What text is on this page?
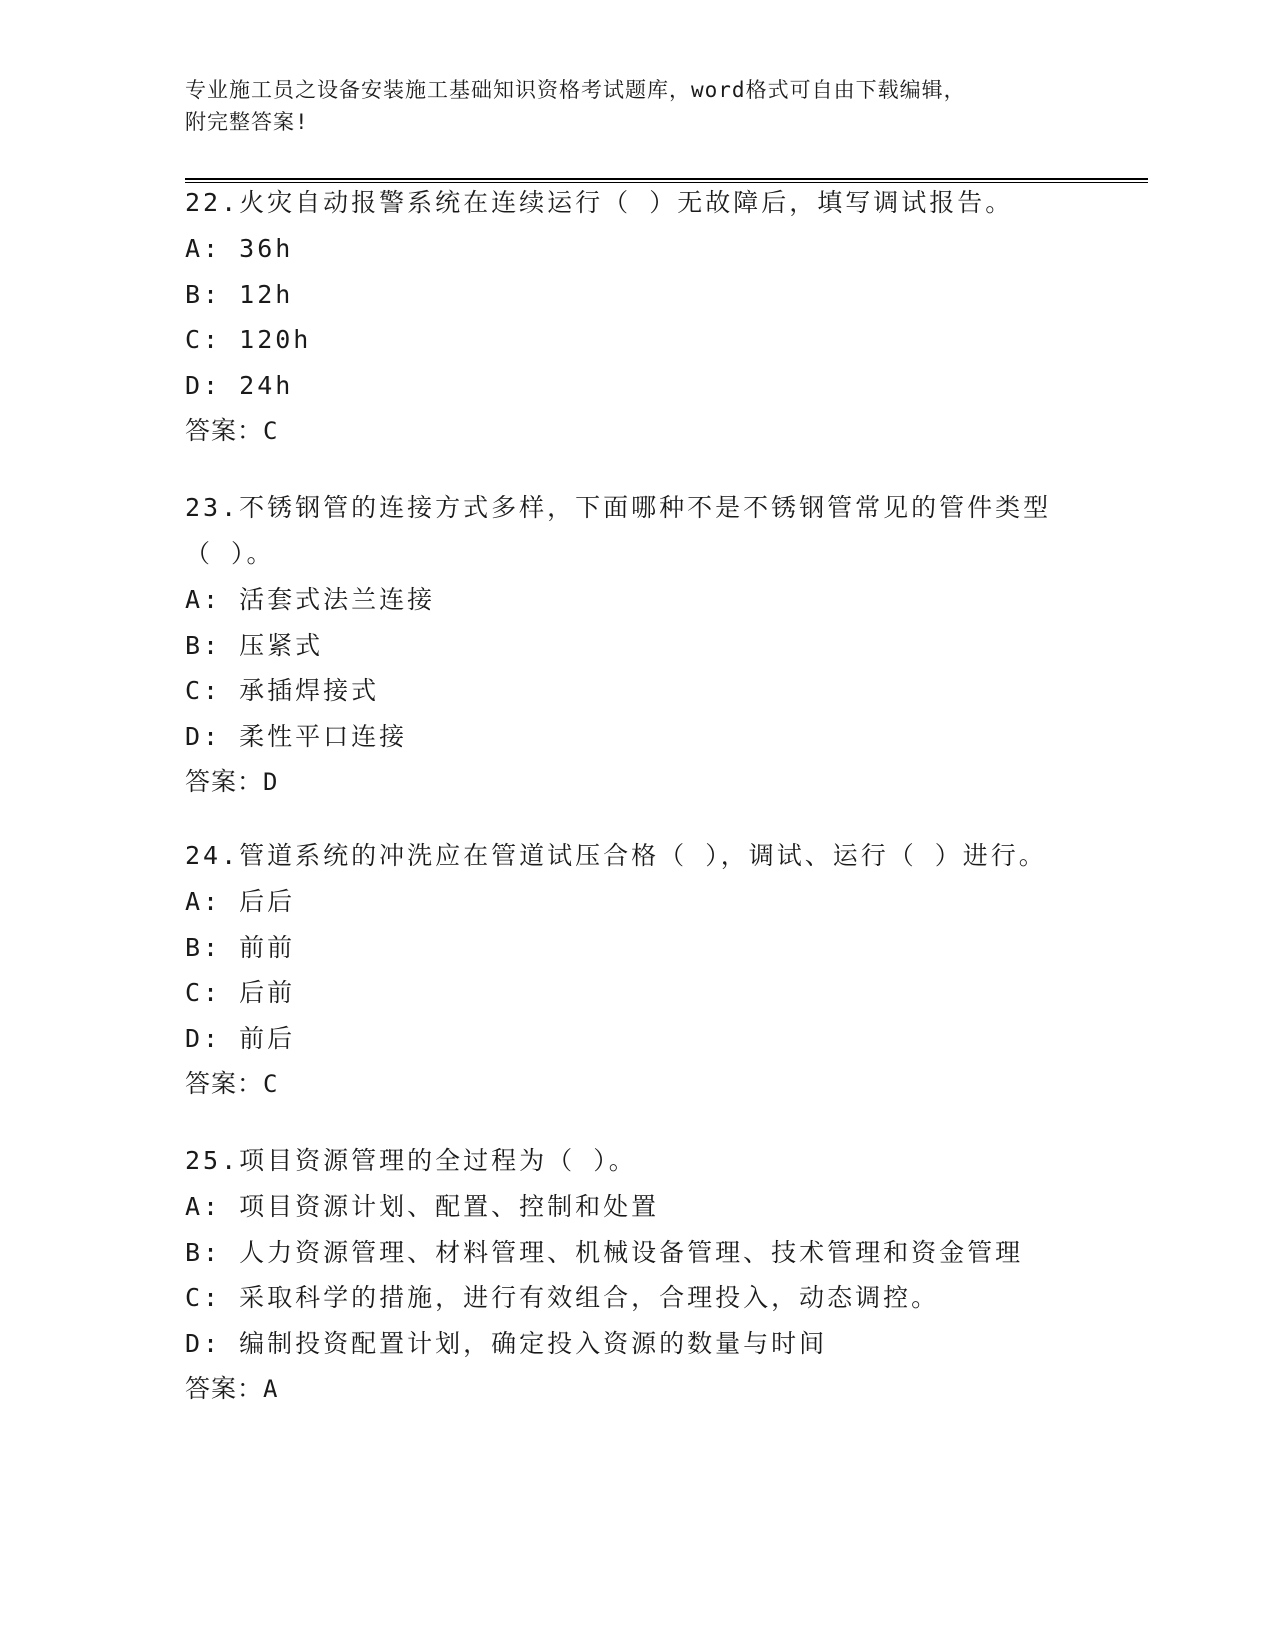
专业施工员之设备安装施工基础知识资格考试题库，word格式可自由下载编辑，
附完整答案!

22.火灾自动报警系统在连续运行（ ）无故障后，填写调试报告。

A: 36h

B: 12h

C: 120h

D: 24h

答案：C

23.不锈钢管的连接方式多样，下面哪种不是不锈钢管常见的管件类型（ ）。

A: 活套式法兰连接

B: 压紧式

C: 承插焊接式

D: 柔性平口连接

答案：D

24.管道系统的冲洗应在管道试压合格（ ），调试、运行（ ）进行。

A: 后后

B: 前前

C: 后前

D: 前后

答案：C

25.项目资源管理的全过程为（ ）。

A: 项目资源计划、配置、控制和处置

B: 人力资源管理、材料管理、机械设备管理、技术管理和资金管理

C: 采取科学的措施，进行有效组合，合理投入，动态调控。

D: 编制投资配置计划，确定投入资源的数量与时间

答案：A
